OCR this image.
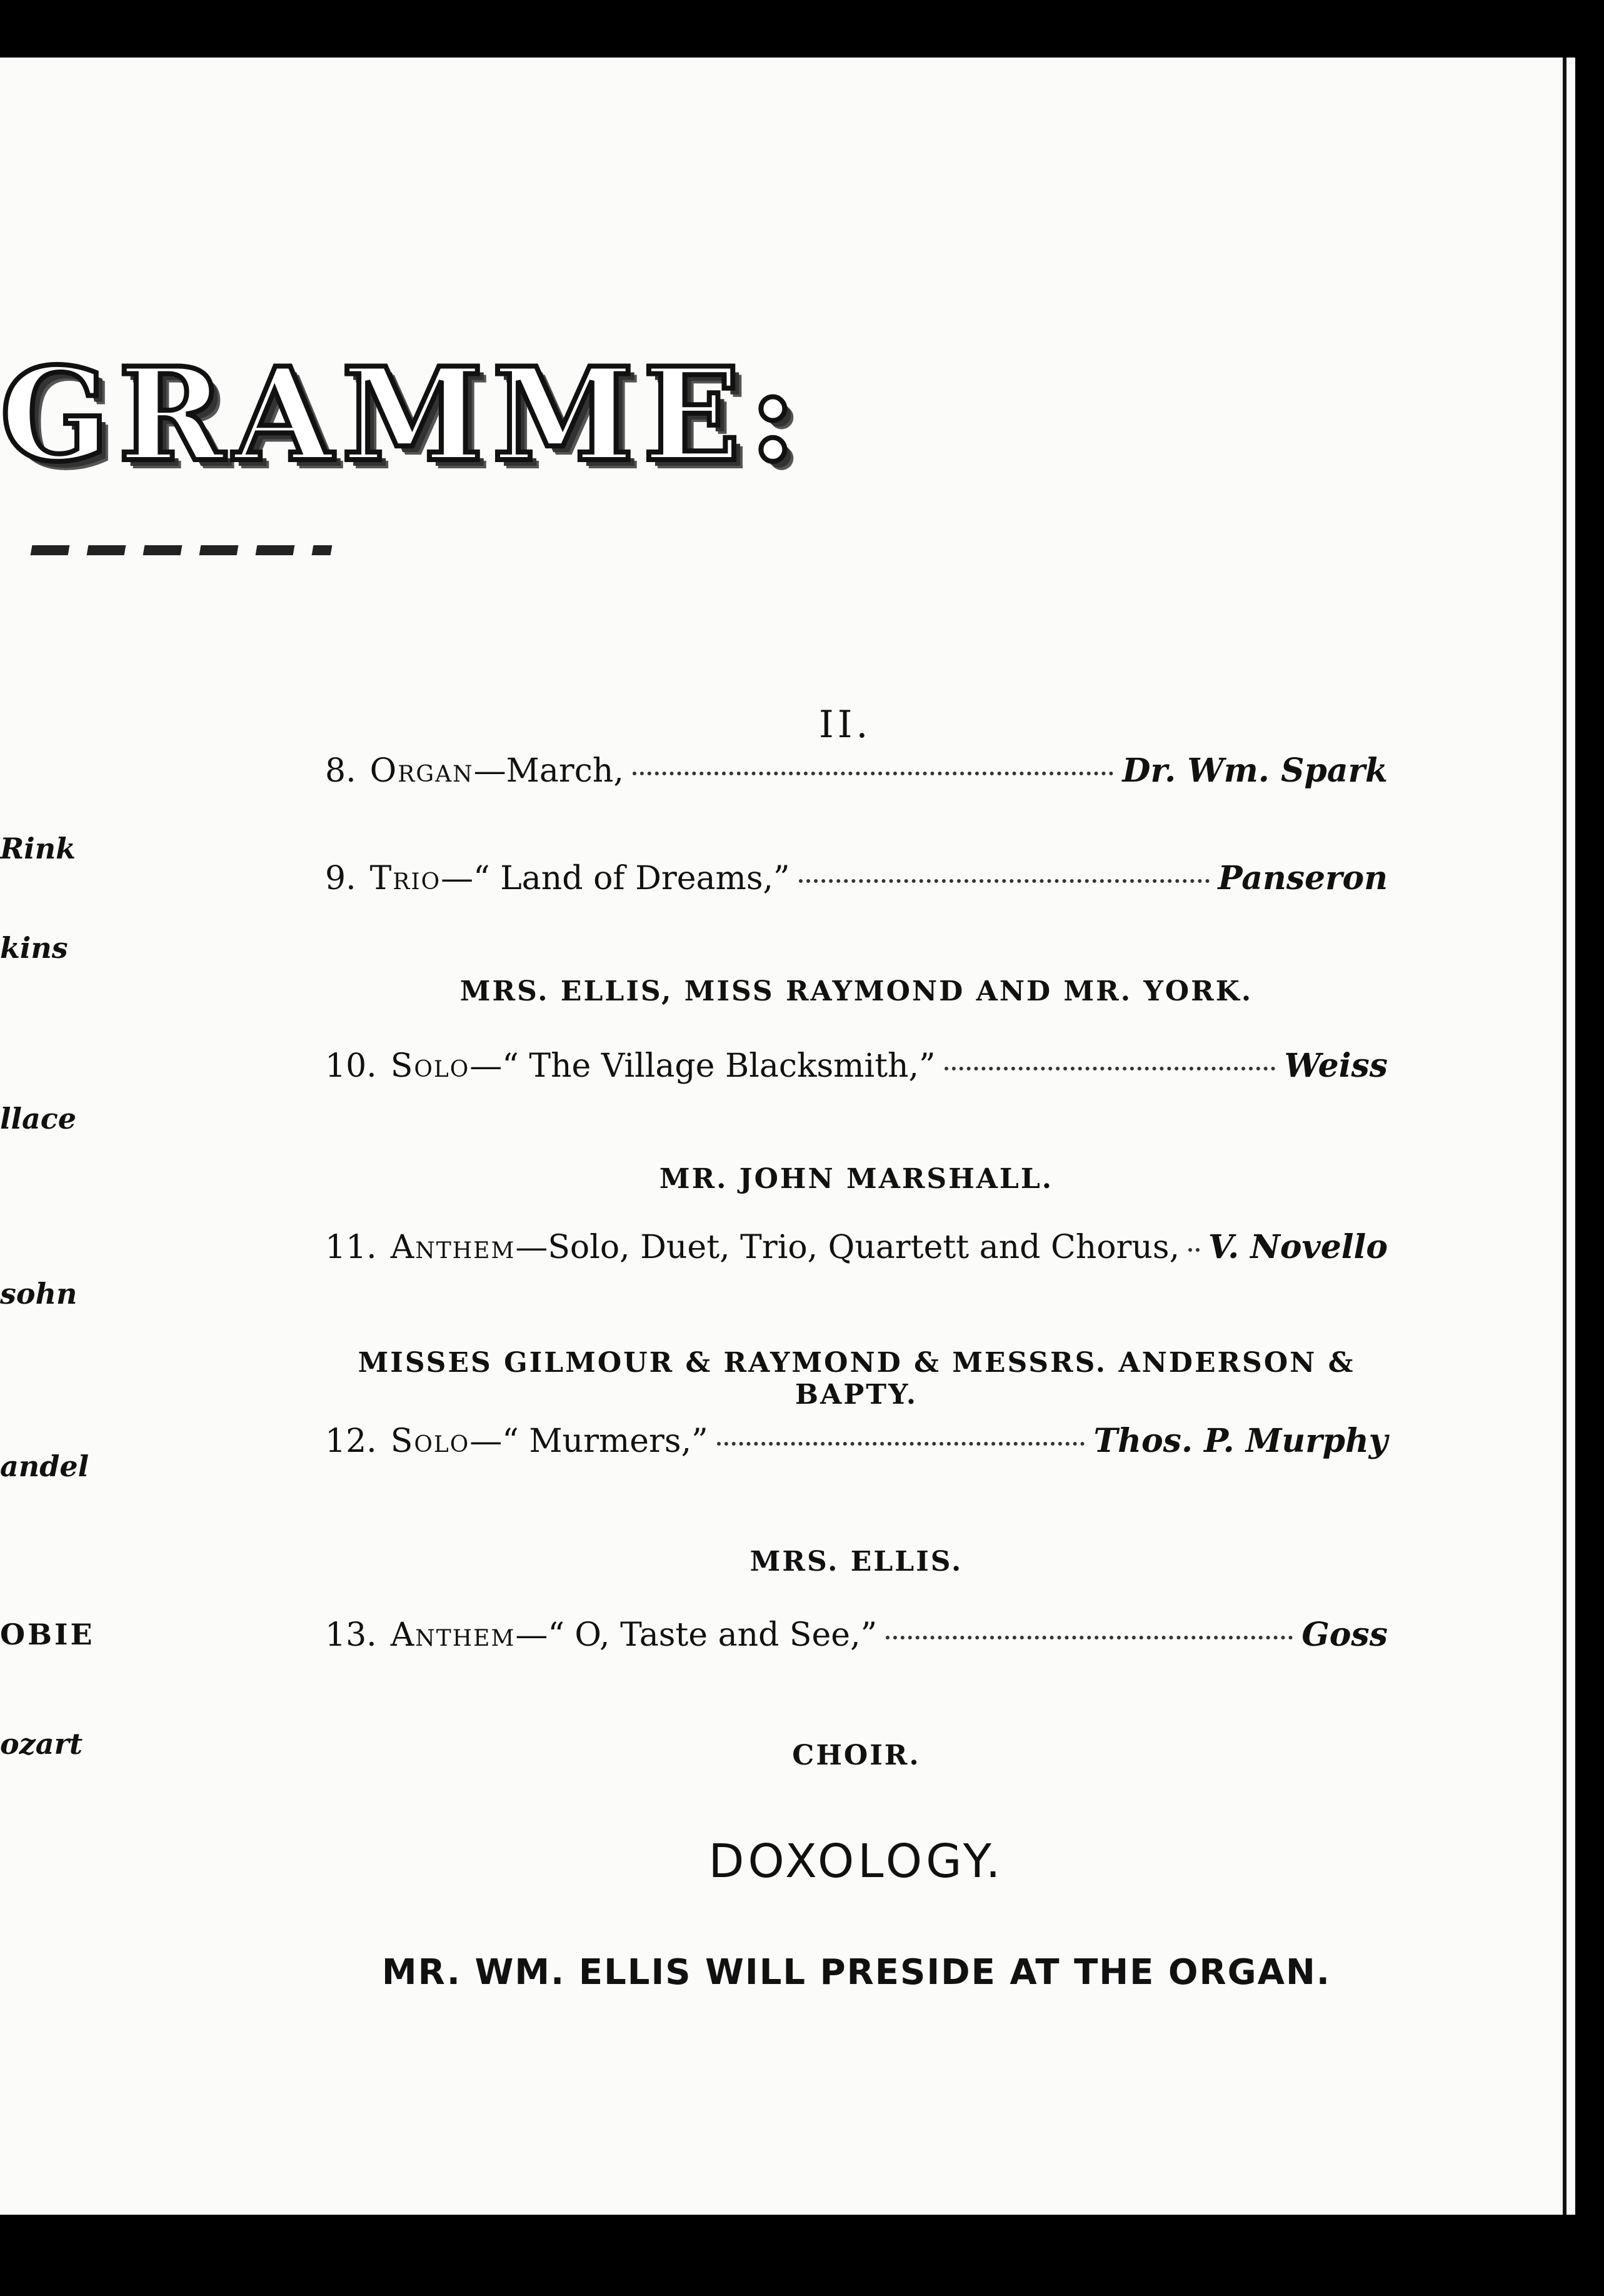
GRAMME:
Rink
kins
llace
sohn
andel
OBIE
ozart
II.
8. Organ —March,	Dr. Wm. Spark
9. Trio —“ Land of Dreams,”	Panseron
MRS. ELLIS, MISS RAYMOND AND MR. YORK.
10. Solo —“ The Village Blacksmith,”	Weiss
MR. JOHN MARSHALL.
11. Anthem —Solo, Duet, Trio, Quartett and Chorus, V. Novello
MISSES GILMOUR & RAYMOND & MESSRS. ANDERSON & BAPTY.
12. Solo —“ Murmers,”	Thos. P. Murphy
MRS. ELLIS.
13. Anthem —“ O, Taste and See,”	Goss
CHOIR.
DOXOLOGY.
MR. WM. ELLIS WILL PRESIDE AT THE ORGAN.
